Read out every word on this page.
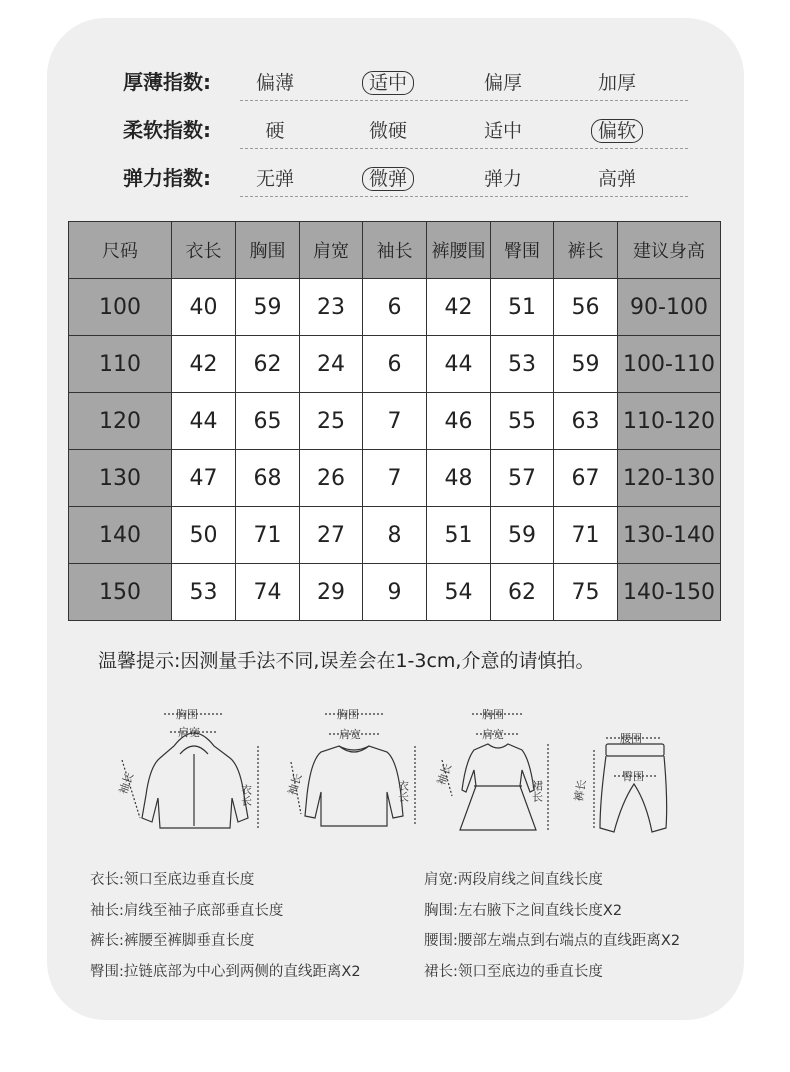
厚薄指数:	偏薄	适中	偏厚	加厚
柔软指数:	硬	微硬	适中	偏软
弹力指数:	无弹	微弹	弹力	高弹
尺码	衣长	胸围	肩宽	袖长	裤腰围	臀围	裤长	建议身高
100	40	59	23	6	42	51	56	90-100
110	42	62	24	6	44	53	59	100-110
120	44	65	25	7	46	55	63	110-120
130	47	68	26	7	48	57	67	120-130
140	50	71	27	8	51	59	71	130-140
150	53	74	29	9	54	62	75	140-150
温馨提示:因测量手法不同,误差会在1-3cm,介意的请慎拍。
胸围
肩宽
袖长	衣长
胸围
肩宽
袖长	衣长
胸围
肩宽
袖长
裙长
腰围
臀围
裤长
衣长:领口至底边垂直长度	肩宽:两段肩线之间直线长度
袖长:肩线至袖子底部垂直长度	胸围:左右腋下之间直线长度X2
裤长:裤腰至裤脚垂直长度	腰围:腰部左端点到右端点的直线距离X2
臀围:拉链底部为中心到两侧的直线距离X2	裙长:领口至底边的垂直长度
